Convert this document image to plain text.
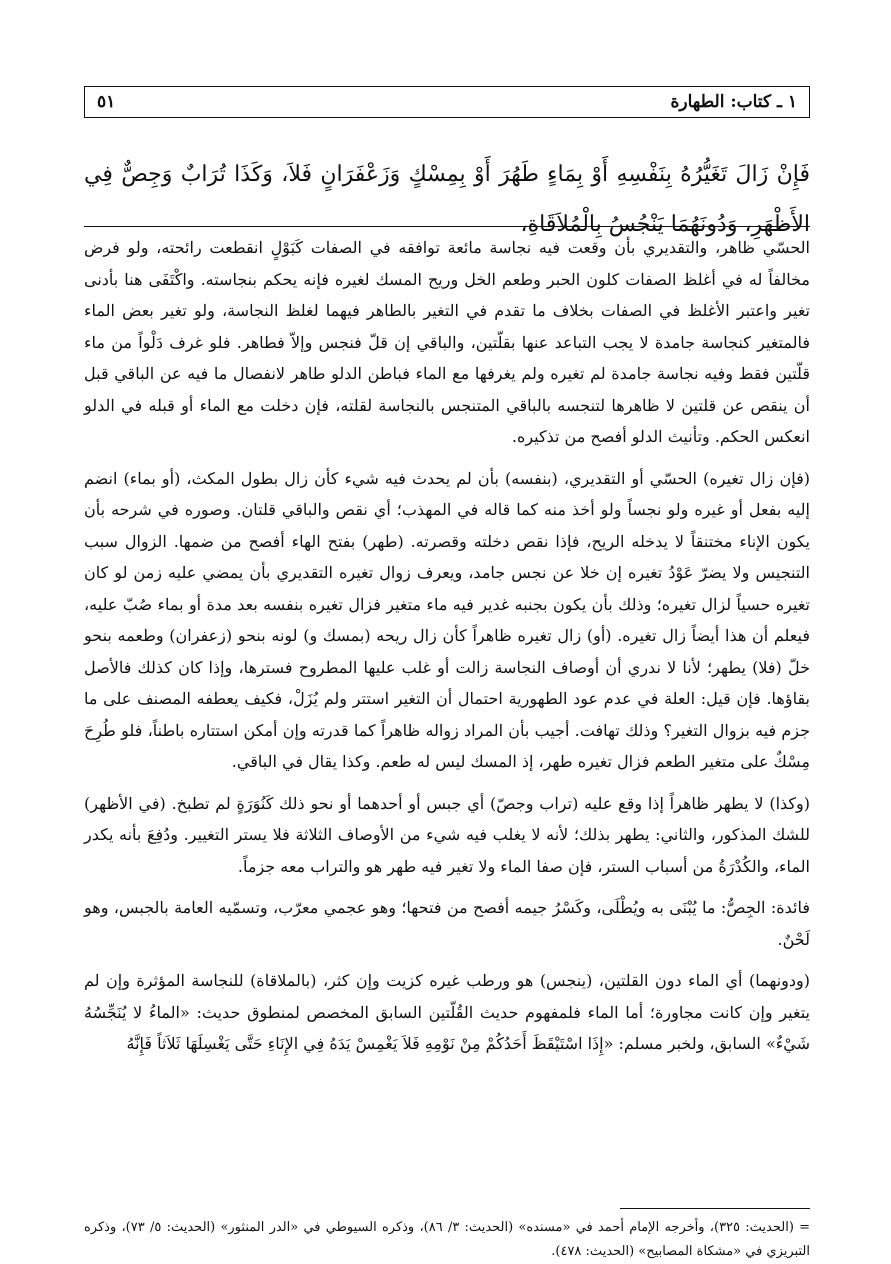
١ ـ كتاب: الطهارة
٥١

فَإِنْ زَالَ تَغَيُّرُهُ بِنَفْسِهِ أَوْ بِمَاءٍ طَهُرَ أَوْ بِمِسْكٍ وَزَعْفَرَانٍ فَلاَ، وَكَذَا تُرَابٌ وَجِصٌّ فِي الأَظْهَرِ، وَدُونَهُمَا يَنْجُسُ بِالْمُلاَقَاةِ،

الحسّي ظاهر، والتقديري بأن وقعت فيه نجاسة مائعة توافقه في الصفات كَبَوْلٍ انقطعت رائحته، ولو فرض مخالفاً له في أغلظ الصفات كلون الحبر وطعم الخل وريح المسك لغيره فإنه يحكم بنجاسته. واكْتَفَى هنا بأدنى تغير واعتبر الأغلظ في الصفات بخلاف ما تقدم في التغير بالطاهر فيهما لغلظ النجاسة، ولو تغير بعض الماء فالمتغير كنجاسة جامدة لا يجب التباعد عنها بقلّتين، والباقي إن قلّ فنجس وإلاّ فطاهر. فلو غرف دَلْواً من ماء قلّتين فقط وفيه نجاسة جامدة لم تغيره ولم يغرفها مع الماء فباطن الدلو طاهر لانفصال ما فيه عن الباقي قبل أن ينقص عن قلتين لا ظاهرها لتنجسه بالباقي المتنجس بالنجاسة لقلته، فإن دخلت مع الماء أو قبله في الدلو انعكس الحكم. وتأنيث الدلو أفصح من تذكيره.

(فإن زال تغيره) الحسّي أو التقديري، (بنفسه) بأن لم يحدث فيه شيء كأن زال بطول المكث، (أو بماء) انضم إليه بفعل أو غيره ولو نجساً ولو أخذ منه كما قاله في المهذب؛ أي نقص والباقي قلتان. وصوره في شرحه بأن يكون الإناء مختنقاً لا يدخله الريح، فإذا نقص دخلته وقصرته. (طهر) بفتح الهاء أفصح من ضمها. الزوال سبب التنجيس ولا يضرّ عَوْدُ تغيره إن خلا عن نجس جامد، ويعرف زوال تغيره التقديري بأن يمضي عليه زمن لو كان تغيره حسياً لزال تغيره؛ وذلك بأن يكون بجنبه غدير فيه ماء متغير فزال تغيره بنفسه بعد مدة أو بماء صُبّ عليه، فيعلم أن هذا أيضاً زال تغيره. (أو) زال تغيره ظاهراً كأن زال ريحه (بمسك و) لونه بنحو (زعفران) وطعمه بنحو خلّ (فلا) يطهر؛ لأنا لا ندري أن أوصاف النجاسة زالت أو غلب عليها المطروح فسترها، وإذا كان كذلك فالأصل بقاؤها. فإن قيل: العلة في عدم عود الطهورية احتمال أن التغير استتر ولم يُزَلْ، فكيف يعطفه المصنف على ما جزم فيه بزوال التغير؟ وذلك تهافت. أجيب بأن المراد زواله ظاهراً كما قدرته وإن أمكن استتاره باطناً، فلو طُرِحَ مِسْكٌ على متغير الطعم فزال تغيره طهر، إذ المسك ليس له طعم. وكذا يقال في الباقي.

(وكذا) لا يطهر ظاهراً إذا وقع عليه (تراب وجصّ) أي جبس أو أحدهما أو نحو ذلك كَنُوَرَةٍ لم تطبخ. (في الأظهر) للشك المذكور، والثاني: يطهر بذلك؛ لأنه لا يغلب فيه شيء من الأوصاف الثلاثة فلا يستر التغيير. ودُفِعَ بأنه يكدر الماء، والكُدْرَةُ من أسباب الستر، فإن صفا الماء ولا تغير فيه طهر هو والتراب معه جزماً.

فائدة: الجِصُّ: ما يُبْنَى به ويُطْلَى، وكَسْرُ جيمه أفصح من فتحها؛ وهو عجمي معرّب، وتسمّيه العامة بالجبس، وهو لَحْنٌ.

(ودونهما) أي الماء دون القلتين، (ينجس) هو ورطب غيره كزيت وإن كثر، (بالملاقاة) للنجاسة المؤثرة وإن لم يتغير وإن كانت مجاورة؛ أما الماء فلمفهوم حديث القُلّتين السابق المخصص لمنطوق حديث: «الماءُ لا يُنَجِّسُهُ شَيْءٌ» السابق، ولخبر مسلم: «إِذَا اسْتَيْقَظَ أَحَدُكُمْ مِنْ نَوْمِهِ فَلاَ يَغْمِسْ يَدَهُ فِي الإِنَاءِ حَتَّى يَغْسِلَهَا ثَلاَثاً فَإِنَّهُ

= (الحديث: ٣٢٥)، وأخرجه الإمام أحمد في «مسنده» (الحديث: ٣/ ٨٦)، وذكره السيوطي في «الدر المنثور» (الحديث: ٥/ ٧٣)، وذكره التبريزي في «مشكاة المصابيح» (الحديث: ٤٧٨).
